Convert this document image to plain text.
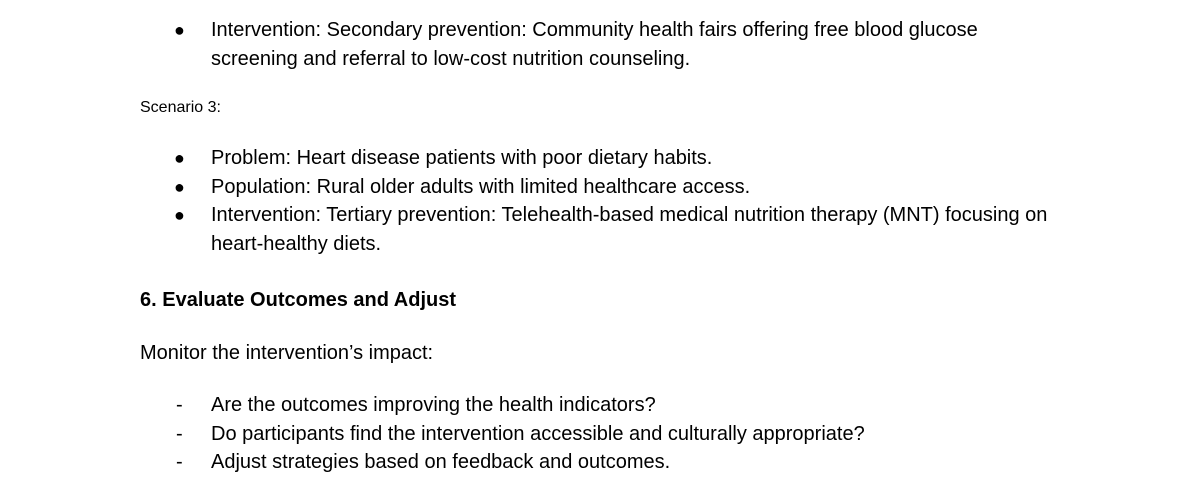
● Intervention: Secondary prevention: Community health fairs offering free blood glucose screening and referral to low-cost nutrition counseling.
Scenario 3:
● Problem: Heart disease patients with poor dietary habits.
● Population: Rural older adults with limited healthcare access.
● Intervention: Tertiary prevention: Telehealth-based medical nutrition therapy (MNT) focusing on heart-healthy diets.
6. Evaluate Outcomes and Adjust
Monitor the intervention’s impact:
- Are the outcomes improving the health indicators?
- Do participants find the intervention accessible and culturally appropriate?
- Adjust strategies based on feedback and outcomes.
